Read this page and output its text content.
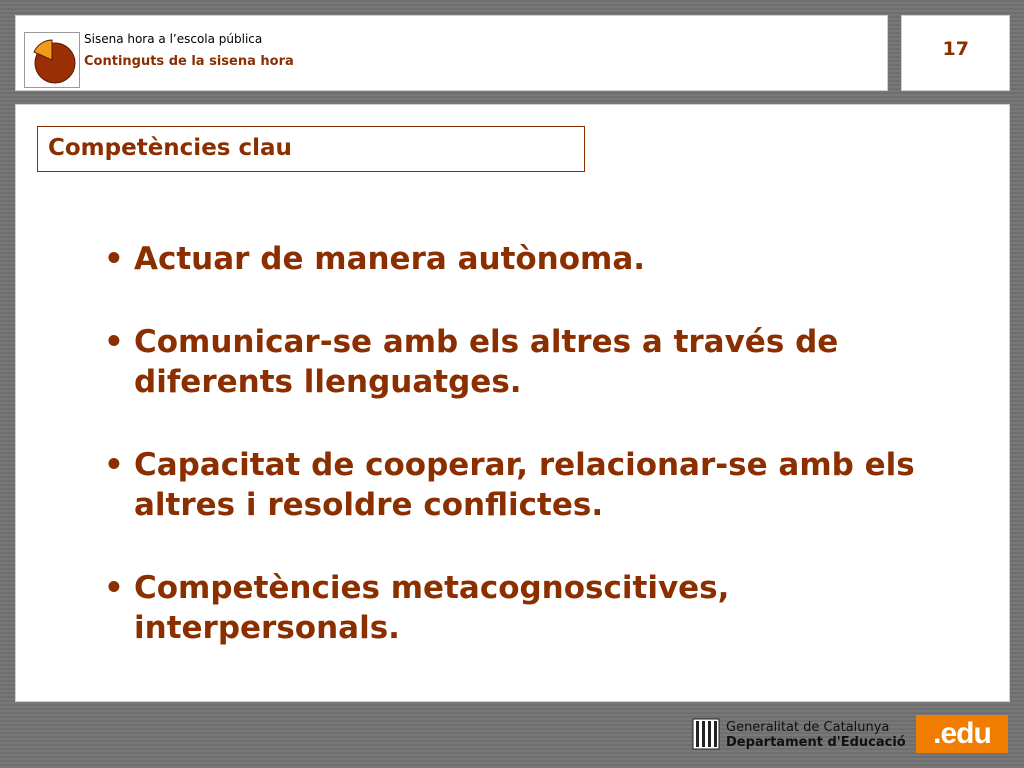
Sisena hora a l’escola pública
Continguts de la sisena hora
17
Competències clau
• Actuar de manera autònoma.
• Comunicar-se amb els altres a través de
diferents llenguatges.
• Capacitat de cooperar, relacionar-se amb els
altres i resoldre conflictes.
• Competències metacognoscitives,
interpersonals.
Generalitat de Catalunya
Departament d'Educació .edu
